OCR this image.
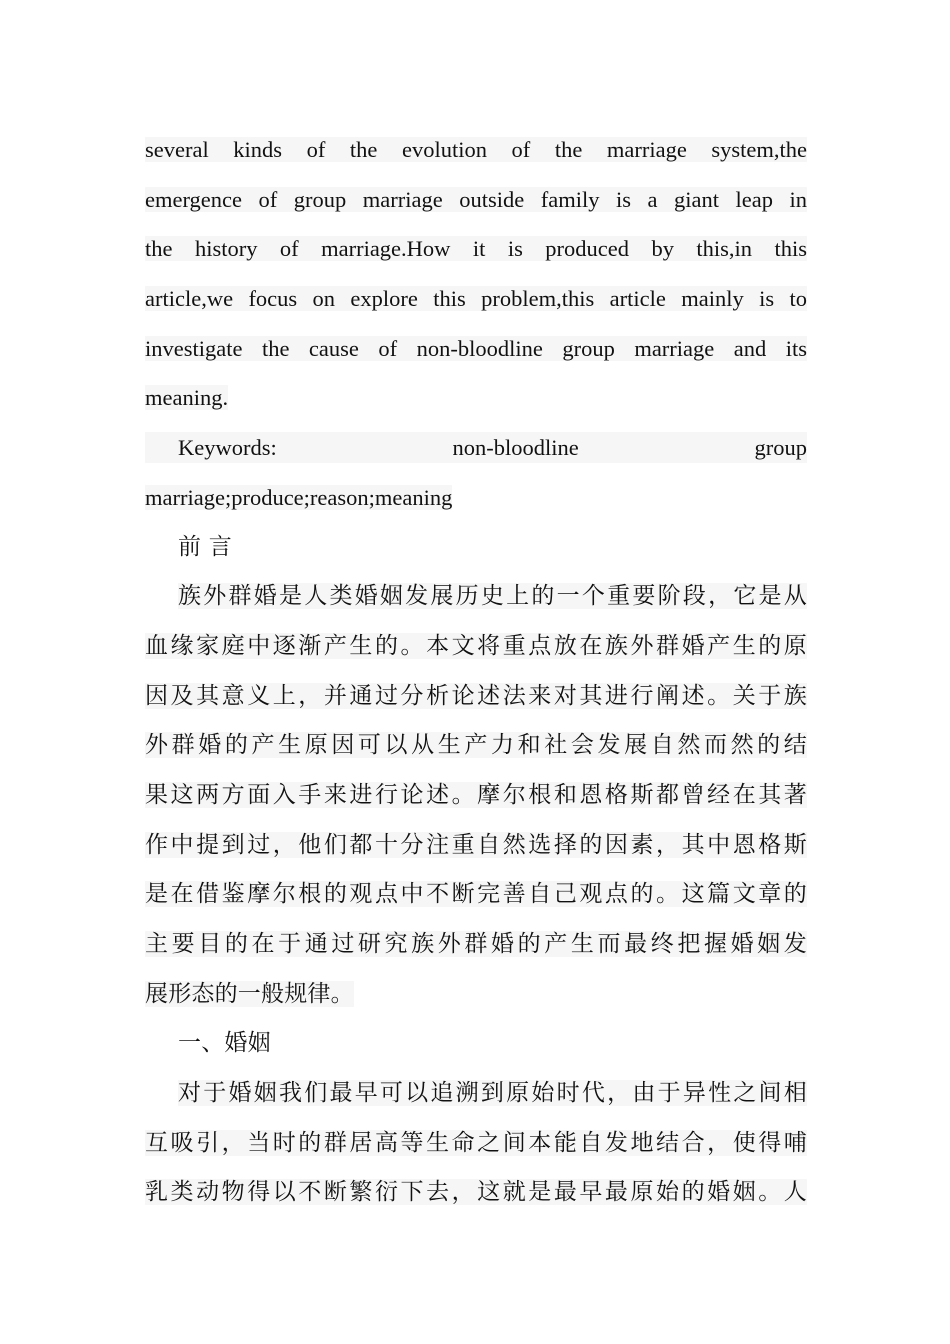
several kinds of the evolution of the marriage system,the
emergence of group marriage outside family is a giant leap in
the history of marriage.How it is produced by this,in this
article,we focus on explore this problem,this article mainly is to
investigate the cause of non-bloodline group marriage and its
meaning.
Keywords:	non-bloodline	group
marriage;produce;reason;meaning
前 言
族外群婚是人类婚姻发展历史上的一个重要阶段，它是从
血缘家庭中逐渐产生的。本文将重点放在族外群婚产生的原
因及其意义上，并通过分析论述法来对其进行阐述。关于族
外群婚的产生原因可以从生产力和社会发展自然而然的结
果这两方面入手来进行论述。摩尔根和恩格斯都曾经在其著
作中提到过，他们都十分注重自然选择的因素，其中恩格斯
是在借鉴摩尔根的观点中不断完善自己观点的。这篇文章的
主要目的在于通过研究族外群婚的产生而最终把握婚姻发
展形态的一般规律。
一、婚姻
对于婚姻我们最早可以追溯到原始时代，由于异性之间相
互吸引，当时的群居高等生命之间本能自发地结合，使得哺
乳类动物得以不断繁衍下去，这就是最早最原始的婚姻。人
